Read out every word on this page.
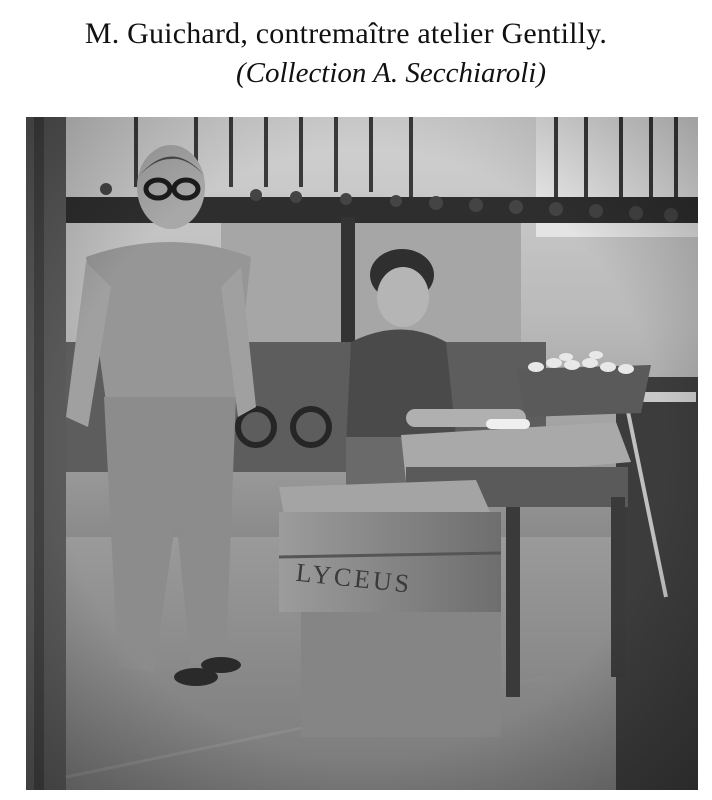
M. Guichard, contremaître atelier Gentilly.
(Collection A. Secchiaroli)
